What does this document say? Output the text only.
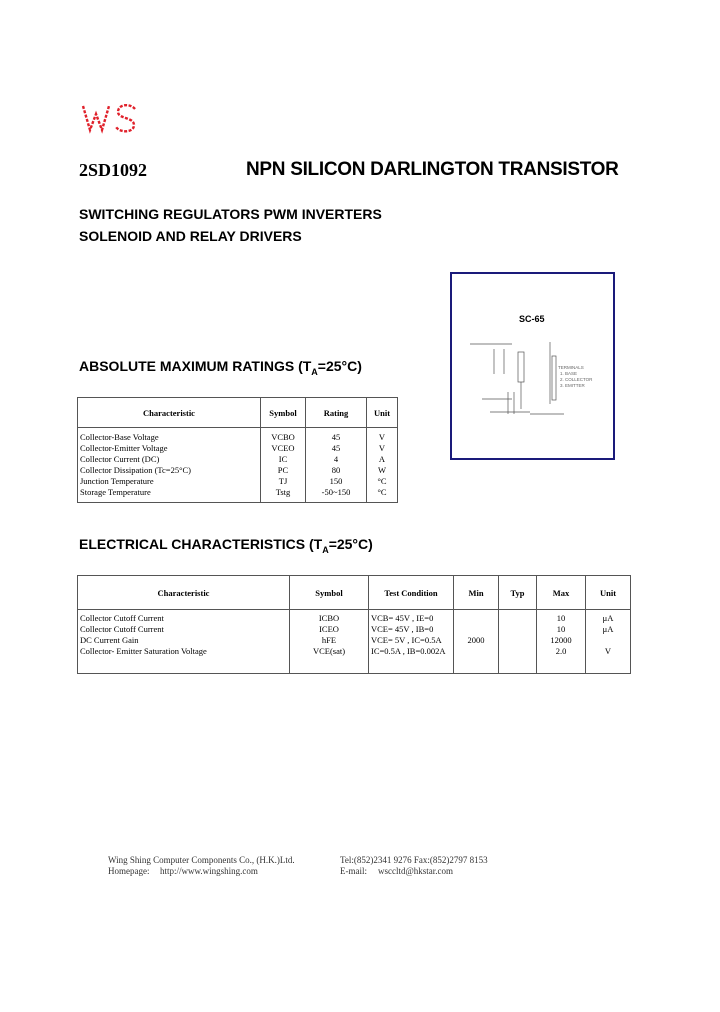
2SD1092	NPN SILICON DARLINGTON TRANSISTOR
SWITCHING REGULATORS PWM INVERTERS
SOLENOID AND RELAY DRIVERS
SC-65
TERMINALS
1. BASE
2. COLLECTOR
3. EMITTER
ABSOLUTE MAXIMUM RATINGS $(T_A=25^\circ C)$
Characteristic	Symbol	Rating	Unit
Collector-Base Voltage	VCBO	45	V
Collector-Emitter Voltage	VCEO	45	V
Collector Current (DC)	IC	4	A
Collector Dissipation (Tc=25°C)	PC	80	W
Junction Temperature	TJ	150	°C
Storage Temperature	Tstg	-50~150	°C
ELECTRICAL CHARACTERISTICS $(T_A=25^\circ C)$
Characteristic	Symbol	Test Condition	Min	Typ	Max	Unit
Collector Cutoff Current	ICBO	VCB= 45V , IE=0			10	μA
Collector Cutoff Current	ICEO	VCE= 45V , IB=0			10	μA
DC Current Gain	hFE	VCE= 5V , IC=0.5A	2000		12000	
Collector- Emitter Saturation Voltage	VCE(sat)	IC=0.5A , IB=0.002A			2.0	V
Wing Shing Computer Components Co., (H.K.)Ltd.	Tel:(852)2341 9276 Fax:(852)2797 8153
Homepage: http://www.wingshing.com	E-mail: wsccltd@hkstar.com
